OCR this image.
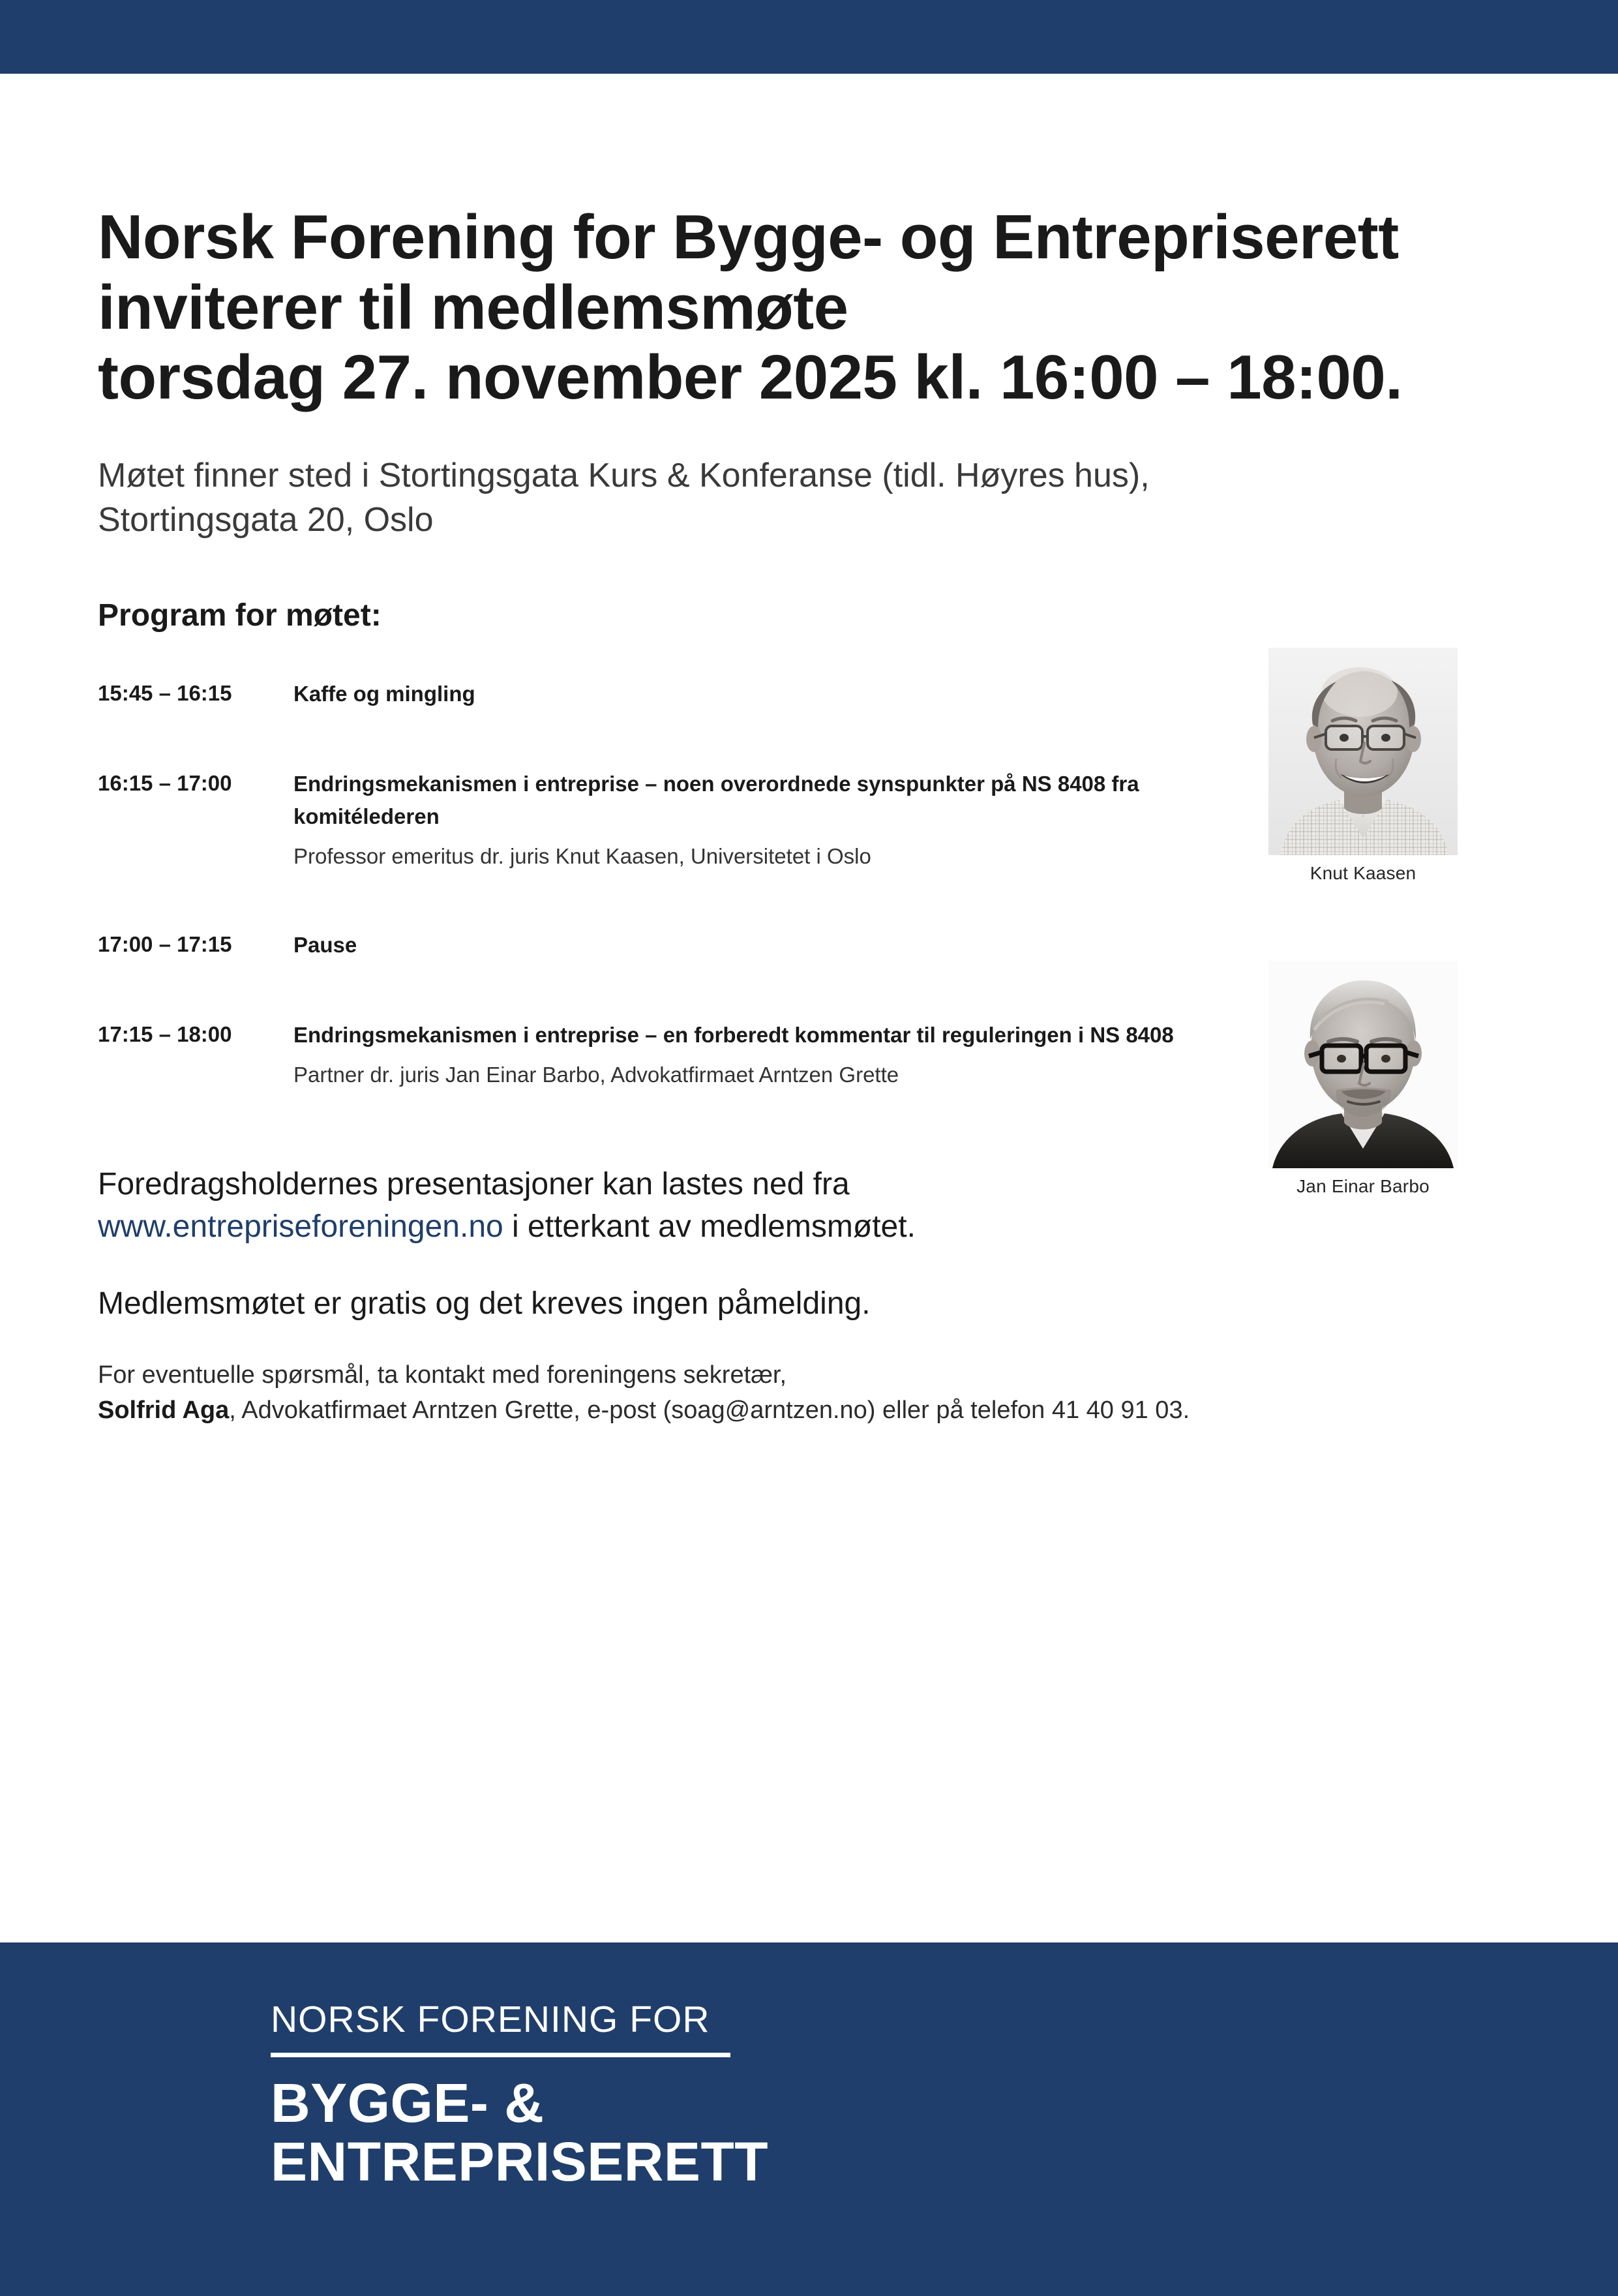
Norsk Forening for Bygge- og Entrepriserett
inviterer til medlemsmøte
torsdag 27. november 2025 kl. 16:00 – 18:00.

Møtet finner sted i Stortingsgata Kurs & Konferanse (tidl. Høyres hus),
Stortingsgata 20, Oslo

Program for møtet:
15:45 – 16:15	Kaffe og mingling

16:15 – 17:00	Endringsmekanismen i entreprise – noen overordnede synspunkter på NS 8408 fra komitélederen

Professor emeritus dr. juris Knut Kaasen, Universitetet i Oslo

17:00 – 17:15	Pause

17:15 – 18:00	Endringsmekanismen i entreprise – en forberedt kommentar til reguleringen i NS 8408

Partner dr. juris Jan Einar Barbo, Advokatfirmaet Arntzen Grette

Knut Kaasen
Jan Einar Barbo

Foredragsholdernes presentasjoner kan lastes ned fra
www.entrepriseforeningen.no i etterkant av medlemsmøtet.

Medlemsmøtet er gratis og det kreves ingen påmelding.

For eventuelle spørsmål, ta kontakt med foreningens sekretær,
Solfrid Aga, Advokatfirmaet Arntzen Grette, e-post (soag@arntzen.no) eller på telefon 41 40 91 03.

NORSK FORENING FOR
BYGGE- &
ENTREPRISERETT
